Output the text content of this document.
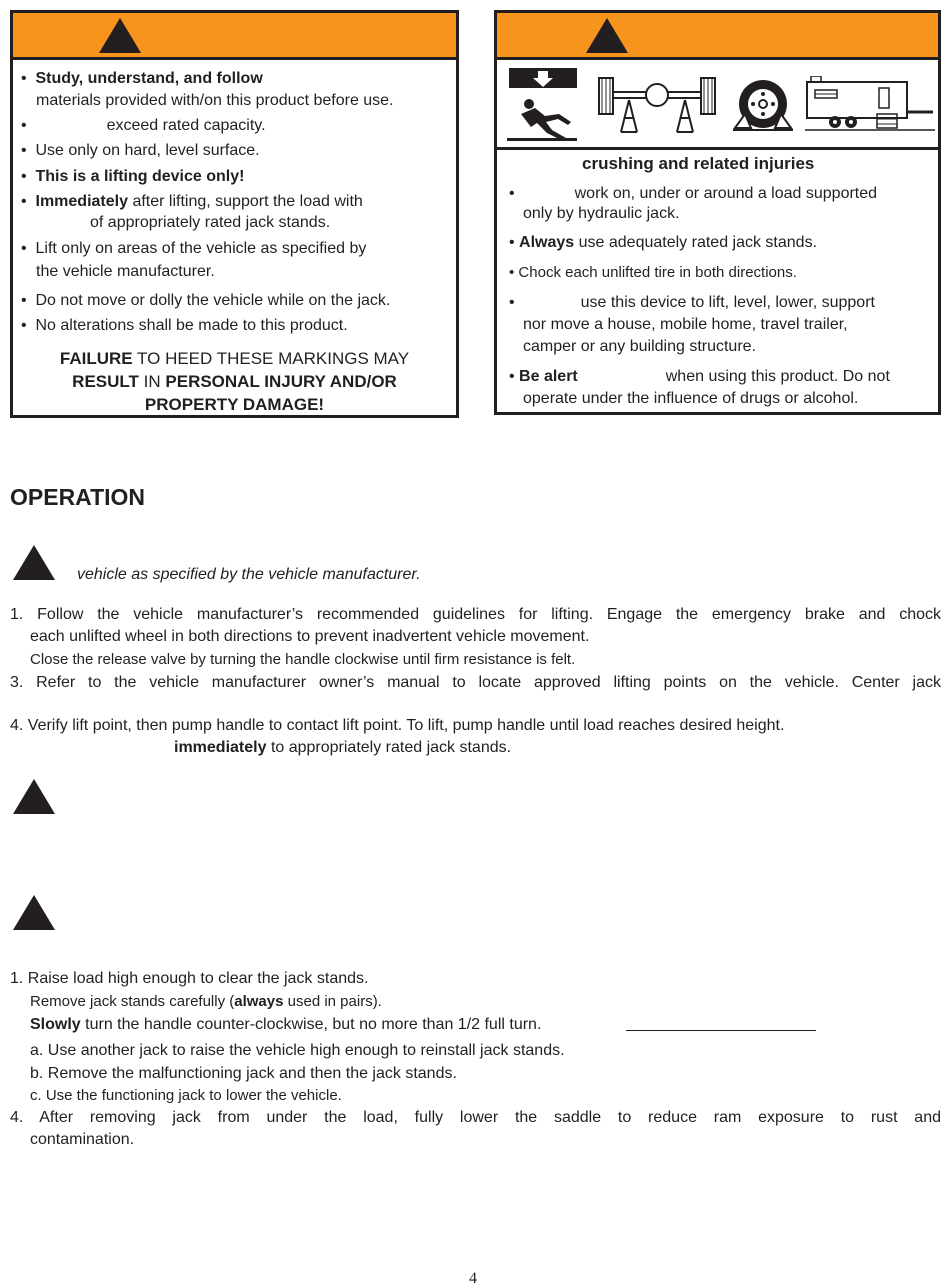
•  Study, understand, and follow
materials provided with/on this product before use.
•	exceed rated capacity.
•  Use only on hard, level surface.
•  This is a lifting device only!
•  Immediately after lifting, support the load with
of appropriately rated jack stands.
•  Lift only on areas of the vehicle as specified by
the vehicle manufacturer.
•  Do not move or dolly the vehicle while on the jack.
•  No alterations shall be made to this product.
FAILURE TO HEED THESE MARKINGS MAY
RESULT IN PERSONAL INJURY AND/OR
PROPERTY DAMAGE!
crushing and related injuries
•	work on, under or around a load supported
only by hydraulic jack.
• Always use adequately rated jack stands.
• Chock each unlifted tire in both directions.
•	use this device to lift, level, lower, support
nor move a house, mobile home, travel trailer,
camper or any building structure.
• Be alert	when using this product. Do not
operate under the influence of drugs or alcohol.
OPERATION
vehicle as specified by the vehicle manufacturer.
1. Follow the vehicle manufacturer’s recommended guidelines for lifting. Engage the emergency brake and chock
each unlifted wheel in both directions to prevent inadvertent vehicle movement.
Close the release valve by turning the handle clockwise until firm resistance is felt.
3. Refer to the vehicle manufacturer owner’s manual to locate approved lifting points on the vehicle. Center jack
4. Verify lift point, then pump handle to contact lift point. To lift, pump handle until load reaches desired height.
immediately to appropriately rated jack stands.
1. Raise load high enough to clear the jack stands.
Remove jack stands carefully (always used in pairs).
Slowly turn the handle counter-clockwise, but no more than 1/2 full turn.
a. Use another jack to raise the vehicle high enough to reinstall jack stands.
b. Remove the malfunctioning jack and then the jack stands.
c. Use the functioning jack to lower the vehicle.
4. After removing jack from under the load, fully lower the saddle to reduce ram exposure to rust and
contamination.
4
